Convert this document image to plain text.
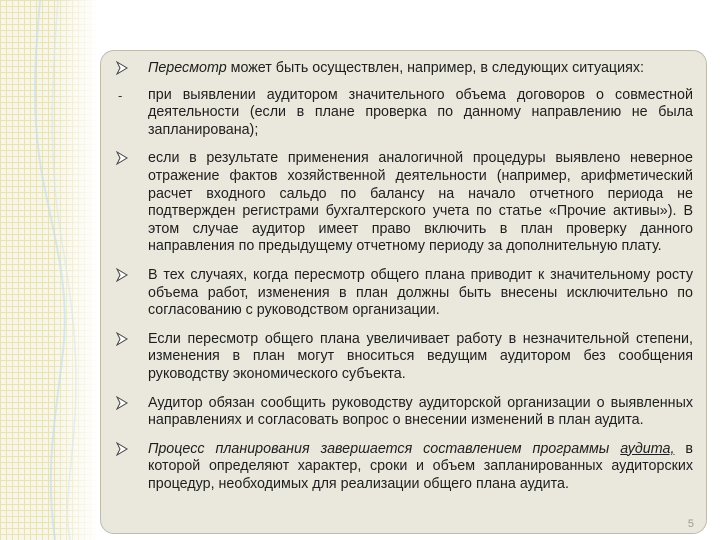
Пересмотр может быть осуществлен, например, в следующих ситуациях:
- при выявлении аудитором значительного объема договоров о совместной деятельности (если в плане проверка по данному направлению не была запланирована);
если в результате применения аналогичной процедуры выявлено неверное отражение фактов хозяйственной деятельности (например, арифметический расчет входного сальдо по балансу на начало отчетного периода не подтвержден регистрами бухгалтерского учета по статье «Прочие активы»). В этом случае аудитор имеет право включить в план проверку данного направления по предыдущему отчетному периоду за дополнительную плату.
В тех случаях, когда пересмотр общего плана приводит к значительному росту объема работ, изменения в план должны быть внесены исключительно по согласованию с руководством организации.
Если пересмотр общего плана увеличивает работу в незначительной степени, изменения в план могут вноситься ведущим аудитором без сообщения руководству экономического субъекта.
Аудитор обязан сообщить руководству аудиторской организации о выявленных направлениях и согласовать вопрос о внесении изменений в план аудита.
Процесс планирования завершается составлением программы аудита, в которой определяют характер, сроки и объем запланированных аудиторских процедур, необходимых для реализации общего плана аудита.
5
